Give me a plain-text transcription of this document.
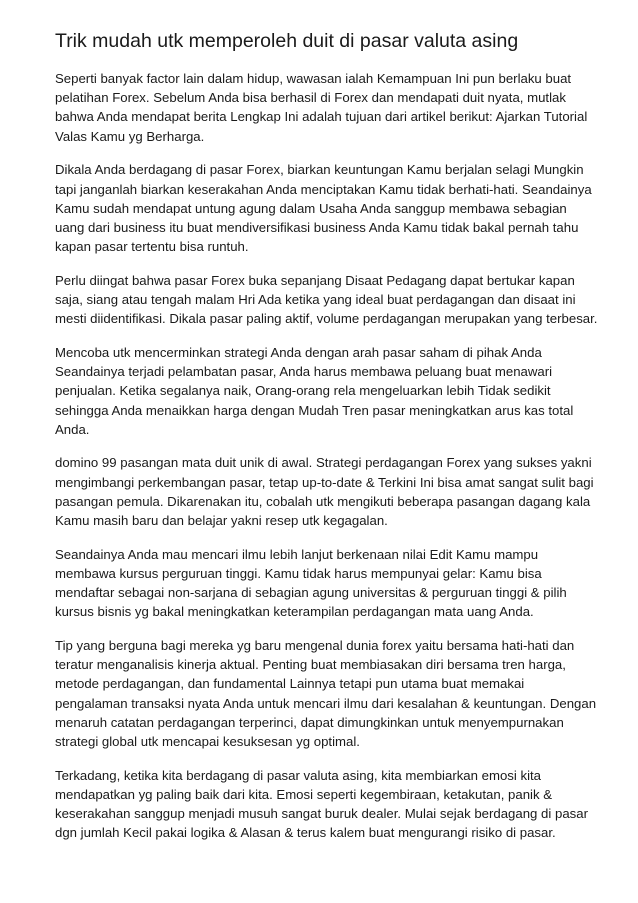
Trik mudah utk memperoleh duit di pasar valuta asing

Seperti banyak factor lain dalam hidup, wawasan ialah Kemampuan Ini pun berlaku buat
pelatihan Forex. Sebelum Anda bisa berhasil di Forex dan mendapati duit nyata, mutlak
bahwa Anda mendapat berita Lengkap Ini adalah tujuan dari artikel berikut: Ajarkan Tutorial
Valas Kamu yg Berharga.

Dikala Anda berdagang di pasar Forex, biarkan keuntungan Kamu berjalan selagi Mungkin
tapi janganlah biarkan keserakahan Anda menciptakan Kamu tidak berhati-hati. Seandainya
Kamu sudah mendapat untung agung dalam Usaha Anda sanggup membawa sebagian
uang dari business itu buat mendiversifikasi business Anda Kamu tidak bakal pernah tahu
kapan pasar tertentu bisa runtuh.

Perlu diingat bahwa pasar Forex buka sepanjang Disaat Pedagang dapat bertukar kapan
saja, siang atau tengah malam Hri Ada ketika yang ideal buat perdagangan dan disaat ini
mesti diidentifikasi. Dikala pasar paling aktif, volume perdagangan merupakan yang terbesar.

Mencoba utk mencerminkan strategi Anda dengan arah pasar saham di pihak Anda
Seandainya terjadi pelambatan pasar, Anda harus membawa peluang buat menawari
penjualan. Ketika segalanya naik, Orang-orang rela mengeluarkan lebih Tidak sedikit
sehingga Anda menaikkan harga dengan Mudah Tren pasar meningkatkan arus kas total
Anda.

domino 99 pasangan mata duit unik di awal. Strategi perdagangan Forex yang sukses yakni
mengimbangi perkembangan pasar, tetap up-to-date & Terkini Ini bisa amat sangat sulit bagi
pasangan pemula. Dikarenakan itu, cobalah utk mengikuti beberapa pasangan dagang kala
Kamu masih baru dan belajar yakni resep utk kegagalan.

Seandainya Anda mau mencari ilmu lebih lanjut berkenaan nilai Edit Kamu mampu
membawa kursus perguruan tinggi. Kamu tidak harus mempunyai gelar: Kamu bisa
mendaftar sebagai non-sarjana di sebagian agung universitas & perguruan tinggi & pilih
kursus bisnis yg bakal meningkatkan keterampilan perdagangan mata uang Anda.

Tip yang berguna bagi mereka yg baru mengenal dunia forex yaitu bersama hati-hati dan
teratur menganalisis kinerja aktual. Penting buat membiasakan diri bersama tren harga,
metode perdagangan, dan fundamental Lainnya tetapi pun utama buat memakai
pengalaman transaksi nyata Anda untuk mencari ilmu dari kesalahan & keuntungan. Dengan
menaruh catatan perdagangan terperinci, dapat dimungkinkan untuk menyempurnakan
strategi global utk mencapai kesuksesan yg optimal.

Terkadang, ketika kita berdagang di pasar valuta asing, kita membiarkan emosi kita
mendapatkan yg paling baik dari kita. Emosi seperti kegembiraan, ketakutan, panik &
keserakahan sanggup menjadi musuh sangat buruk dealer. Mulai sejak berdagang di pasar
dgn jumlah Kecil pakai logika & Alasan & terus kalem buat mengurangi risiko di pasar.
